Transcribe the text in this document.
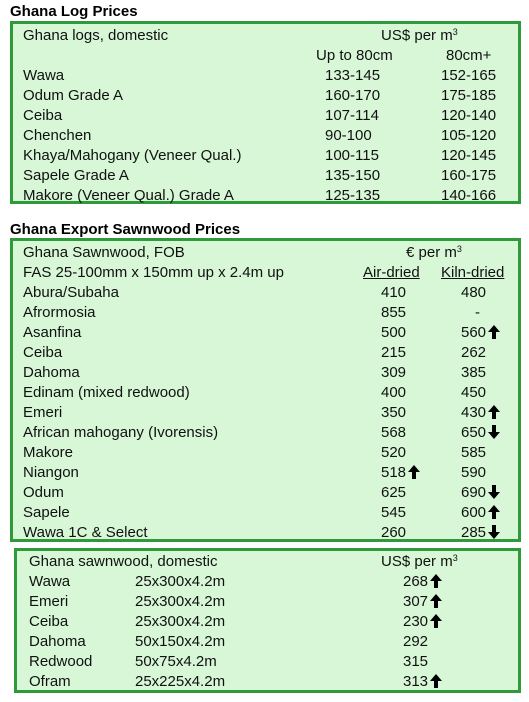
Ghana Log Prices
Ghana logs, domestic	US$ per $m^3$
Up to 80cm	80cm+
Wawa	133-145	152-165
Odum Grade A	160-170	175-185
Ceiba	107-114	120-140
Chenchen	90-100	105-120
Khaya/Mahogany (Veneer Qual.)	100-115	120-145
Sapele Grade A	135-150	160-175
Makore (Veneer Qual.) Grade A	125-135	140-166
Ghana Export Sawnwood Prices
Ghana Sawnwood, FOB	€ per $m^3$
FAS 25-100mm x 150mm up x 2.4m up	Air-dried Kiln-dried
Abura/Subaha	410	480
Afrormosia	855	-
Asanfina	500	560
Ceiba	215	262
Dahoma	309	385
Edinam (mixed redwood)	400	450
Emeri	350	430
African mahogany (Ivorensis)	568	650
Makore	520	585
Niangon	518	590
Odum	625	690
Sapele	545	600
Wawa 1C & Select	260	285
Ghana sawnwood, domestic	US$ per $m^3$
Wawa	25x300x4.2m	268
Emeri	25x300x4.2m	307
Ceiba	25x300x4.2m	230
Dahoma	50x150x4.2m	292
Redwood	50x75x4.2m	315
Ofram	25x225x4.2m	313
